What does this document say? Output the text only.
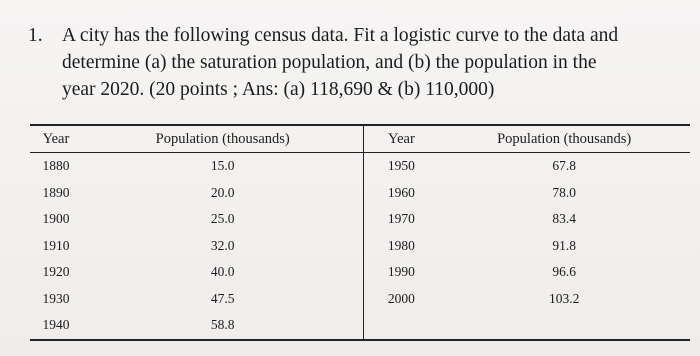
1. A city has the following census data. Fit a logistic curve to the data and
determine (a) the saturation population, and (b) the population in the
year 2020. (20 points ; Ans: (a) 118,690 & (b) 110,000)
Year	Population (thousands)	Year	Population (thousands)
1880	15.0	1950	67.8
1890	20.0	1960	78.0
1900	25.0	1970	83.4
1910	32.0	1980	91.8
1920	40.0	1990	96.6
1930	47.5	2000	103.2
1940	58.8		
